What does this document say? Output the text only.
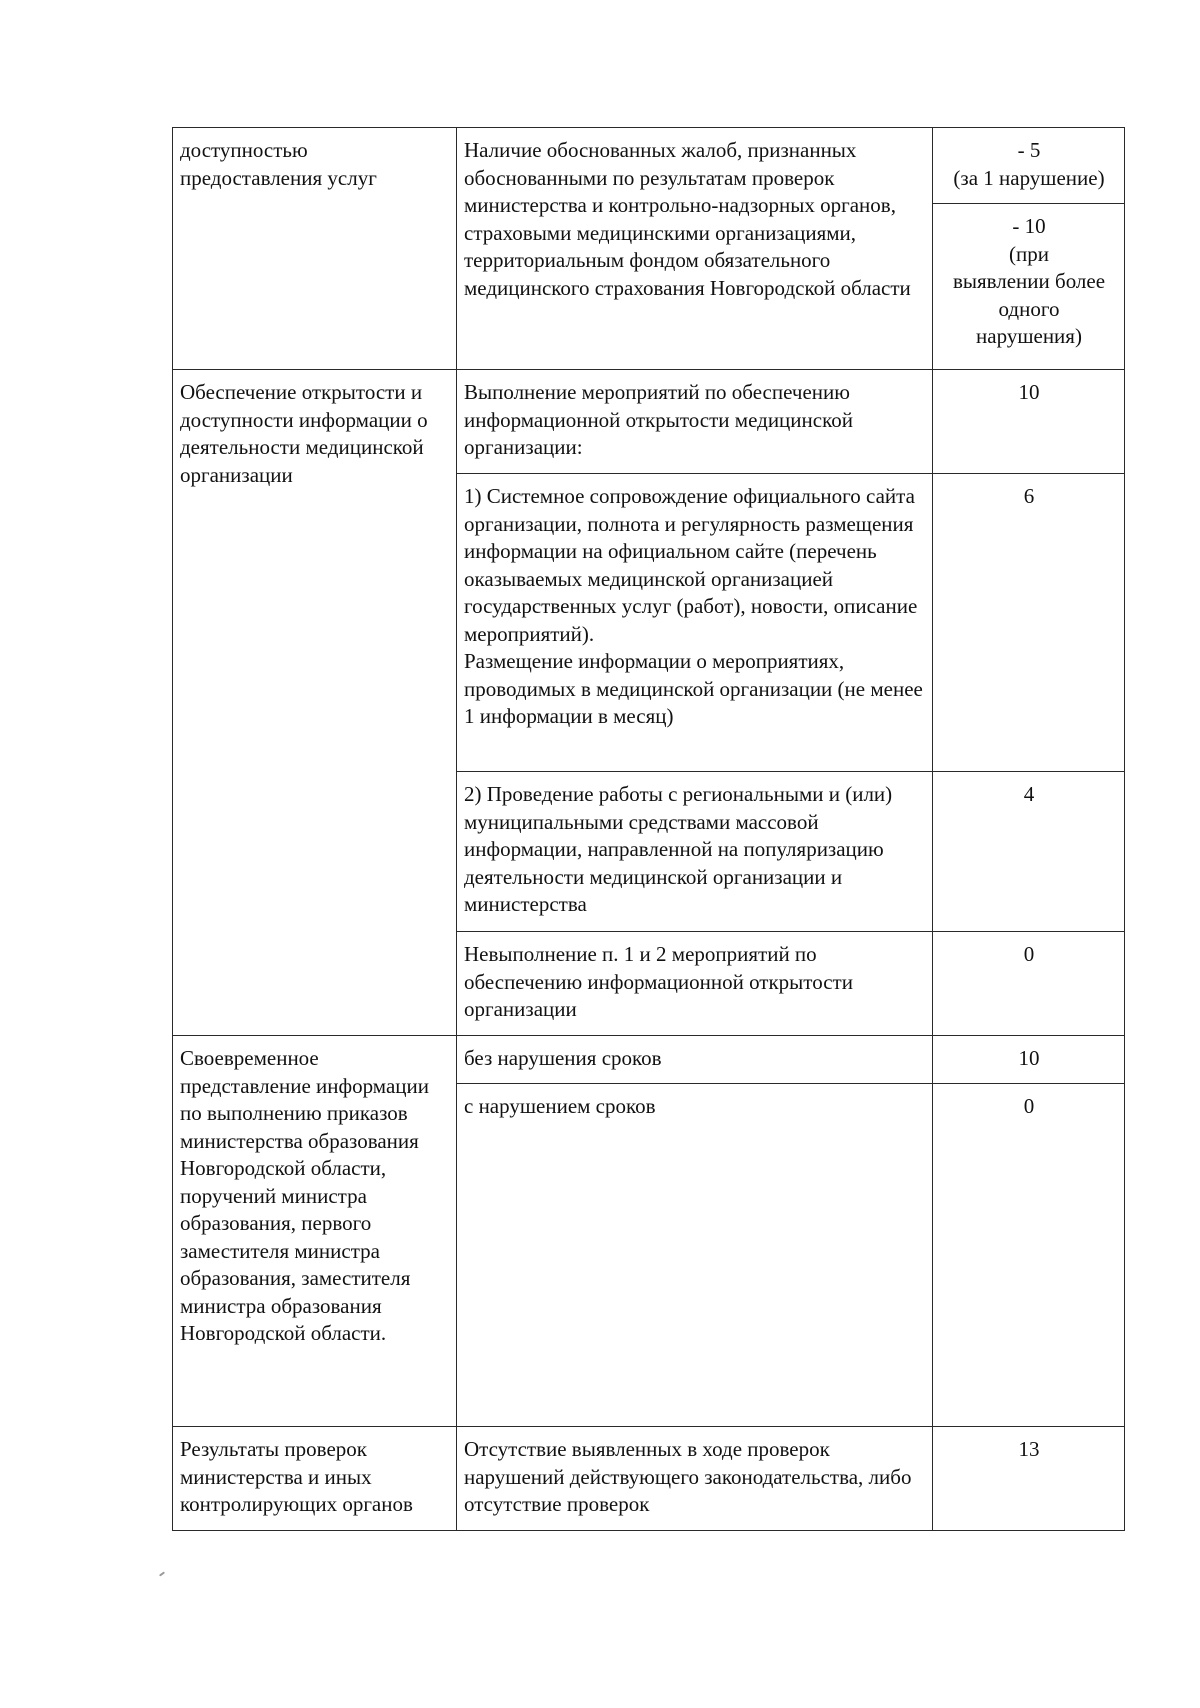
доступностью
предоставления услуг	Наличие обоснованных жалоб, признанных обоснованными по результатам проверок министерства и контрольно-надзорных органов, страховыми медицинскими организациями, территориальным фондом обязательного медицинского страхования Новгородской области	- 5
(за 1 нарушение)
		- 10
(при
выявлении более
одного
нарушения)
Обеспечение открытости и доступности информации о деятельности медицинской организации	Выполнение мероприятий по обеспечению информационной открытости медицинской организации:	10
	1) Системное сопровождение официального сайта организации, полнота и регулярность размещения информации на официальном сайте (перечень оказываемых медицинской организацией государственных услуг (работ), новости, описание мероприятий).
Размещение информации о мероприятиях, проводимых в медицинской организации (не менее 1 информации в месяц)	6
	2) Проведение работы с региональными и (или) муниципальными средствами массовой информации, направленной на популяризацию деятельности медицинской организации и министерства	4
	Невыполнение п. 1 и 2 мероприятий по обеспечению информационной открытости организации	0
Своевременное представление информации по выполнению приказов министерства образования Новгородской области, поручений министра образования, первого заместителя министра образования, заместителя министра образования Новгородской области.	без нарушения сроков	10
	с нарушением сроков	0
Результаты проверок министерства и иных контролирующих органов	Отсутствие выявленных в ходе проверок нарушений действующего законодательства, либо отсутствие проверок	13
